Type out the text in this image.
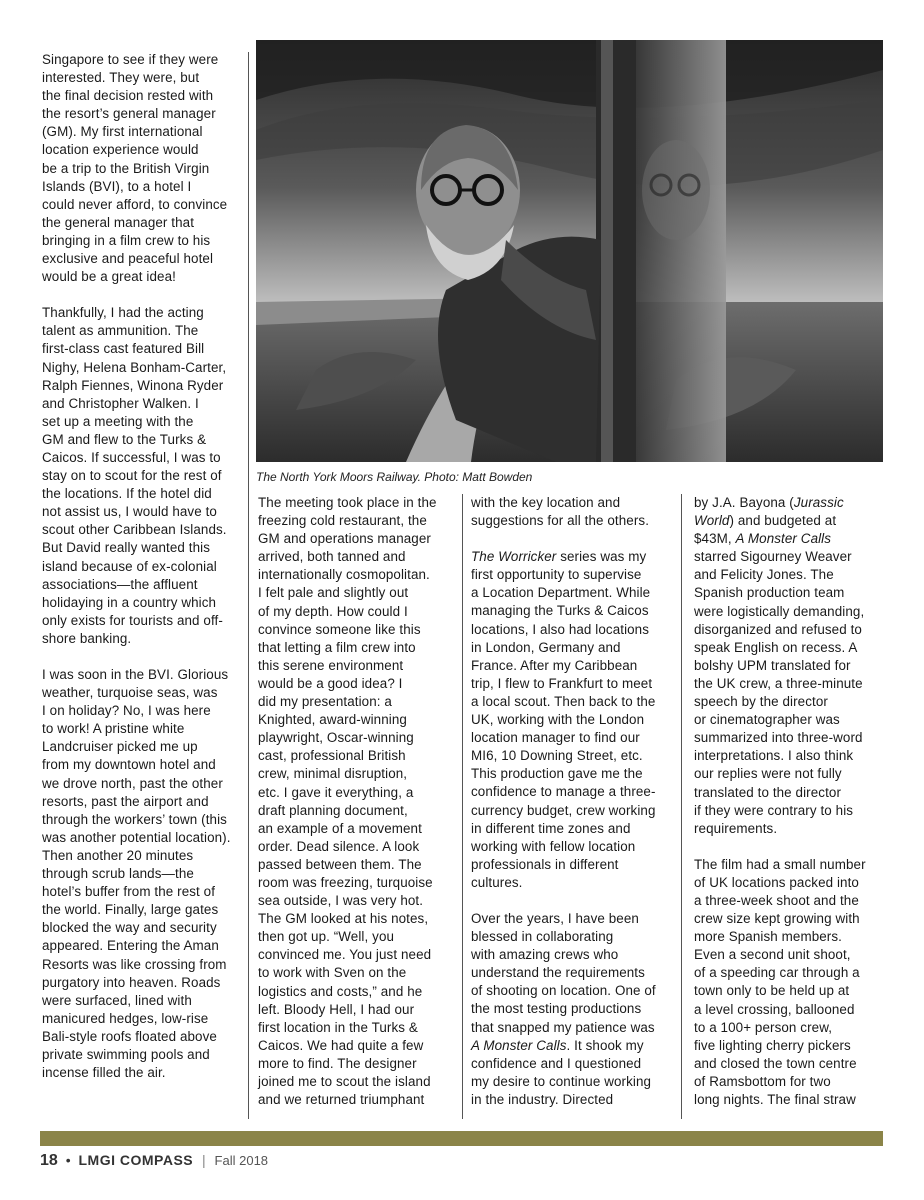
Singapore to see if they were
interested. They were, but
the final decision rested with
the resort’s general manager
(GM). My first international
location experience would
be a trip to the British Virgin
Islands (BVI), to a hotel I
could never afford, to convince
the general manager that
bringing in a film crew to his
exclusive and peaceful hotel
would be a great idea!

Thankfully, I had the acting
talent as ammunition. The
first-class cast featured Bill
Nighy, Helena Bonham-Carter,
Ralph Fiennes, Winona Ryder
and Christopher Walken. I
set up a meeting with the
GM and flew to the Turks &
Caicos. If successful, I was to
stay on to scout for the rest of
the locations. If the hotel did
not assist us, I would have to
scout other Caribbean Islands.
But David really wanted this
island because of ex-colonial
associations—the affluent
holidaying in a country which
only exists for tourists and off-
shore banking.

I was soon in the BVI. Glorious
weather, turquoise seas, was
I on holiday? No, I was here
to work! A pristine white
Landcruiser picked me up
from my downtown hotel and
we drove north, past the other
resorts, past the airport and
through the workers’ town (this
was another potential location).
Then another 20 minutes
through scrub lands—the
hotel’s buffer from the rest of
the world. Finally, large gates
blocked the way and security
appeared. Entering the Aman
Resorts was like crossing from
purgatory into heaven. Roads
were surfaced, lined with
manicured hedges, low-rise
Bali-style roofs floated above
private swimming pools and
incense filled the air.

The North York Moors Railway. Photo: Matt Bowden

The meeting took place in the
freezing cold restaurant, the
GM and operations manager
arrived, both tanned and
internationally cosmopolitan.
I felt pale and slightly out
of my depth. How could I
convince someone like this
that letting a film crew into
this serene environment
would be a good idea? I
did my presentation: a
Knighted, award-winning
playwright, Oscar-winning
cast, professional British
crew, minimal disruption,
etc. I gave it everything, a
draft planning document,
an example of a movement
order. Dead silence. A look
passed between them. The
room was freezing, turquoise
sea outside, I was very hot.
The GM looked at his notes,
then got up. “Well, you
convinced me. You just need
to work with Sven on the
logistics and costs,” and he
left. Bloody Hell, I had our
first location in the Turks &
Caicos. We had quite a few
more to find. The designer
joined me to scout the island
and we returned triumphant

with the key location and
suggestions for all the others.

The Worricker series was my
first opportunity to supervise
a Location Department. While
managing the Turks & Caicos
locations, I also had locations
in London, Germany and
France. After my Caribbean
trip, I flew to Frankfurt to meet
a local scout. Then back to the
UK, working with the London
location manager to find our
MI6, 10 Downing Street, etc.
This production gave me the
confidence to manage a three-
currency budget, crew working
in different time zones and
working with fellow location
professionals in different
cultures.

Over the years, I have been
blessed in collaborating
with amazing crews who
understand the requirements
of shooting on location. One of
the most testing productions
that snapped my patience was
A Monster Calls. It shook my
confidence and I questioned
my desire to continue working
in the industry. Directed

by J.A. Bayona (Jurassic
World) and budgeted at
$43M, A Monster Calls
starred Sigourney Weaver
and Felicity Jones. The
Spanish production team
were logistically demanding,
disorganized and refused to
speak English on recess. A
bolshy UPM translated for
the UK crew, a three-minute
speech by the director
or cinematographer was
summarized into three-word
interpretations. I also think
our replies were not fully
translated to the director
if they were contrary to his
requirements.

The film had a small number
of UK locations packed into
a three-week shoot and the
crew size kept growing with
more Spanish members.
Even a second unit shoot,
of a speeding car through a
town only to be held up at
a level crossing, ballooned
to a 100+ person crew,
five lighting cherry pickers
and closed the town centre
of Ramsbottom for two
long nights. The final straw

18 • LMGI COMPASS | Fall 2018
